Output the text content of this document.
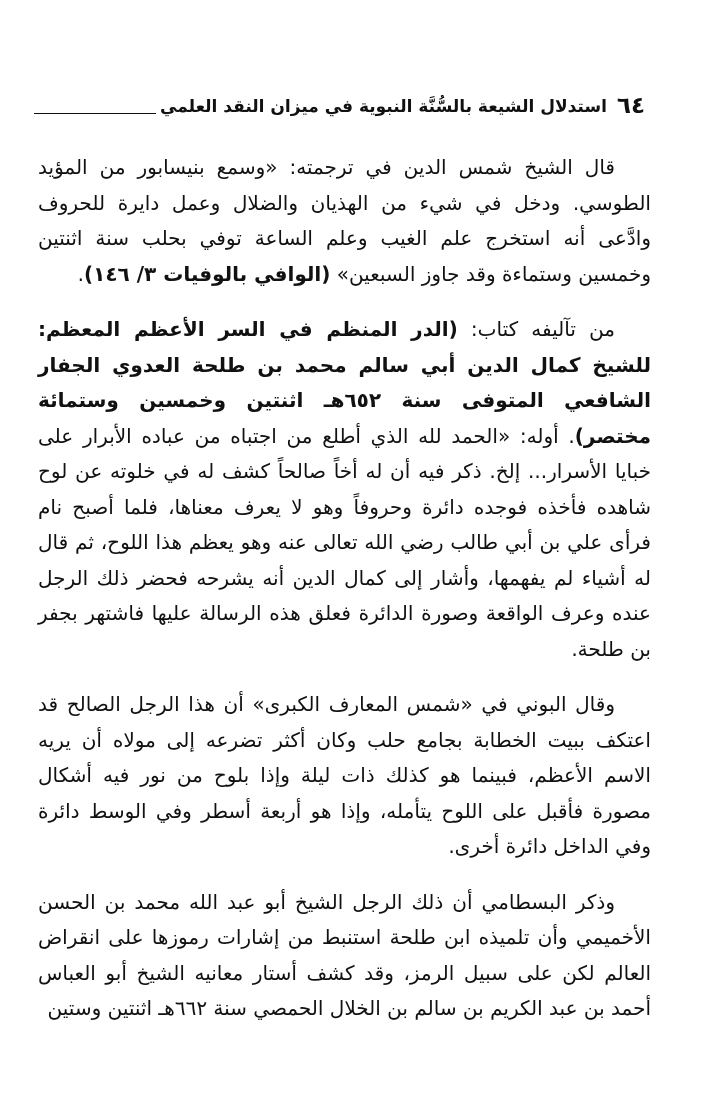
٦٤
استدلال الشيعة بالسُّنَّة النبوية في ميزان النقد العلمي

قال الشيخ شمس الدين في ترجمته: «وسمع بنيسابور من المؤيد الطوسي. ودخل في شيء من الهذيان والضلال وعمل دايرة للحروف وادَّعى أنه استخرج علم الغيب وعلم الساعة توفي بحلب سنة اثنتين وخمسين وستماءة وقد جاوز السبعين» (الوافي بالوفيات ٣/ ١٤٦).

من تآليفه كتاب: (الدر المنظم في السر الأعظم المعظم: للشيخ كمال الدين أبي سالم محمد بن طلحة العدوي الجفار الشافعي المتوفى سنة ٦٥٢هـ اثنتين وخمسين وستمائة مختصر). أوله: «الحمد لله الذي أطلع من اجتباه من عباده الأبرار على خبايا الأسرار... إلخ. ذكر فيه أن له أخاً صالحاً كشف له في خلوته عن لوح شاهده فأخذه فوجده دائرة وحروفاً وهو لا يعرف معناها، فلما أصبح نام فرأى علي بن أبي طالب رضي الله تعالى عنه وهو يعظم هذا اللوح، ثم قال له أشياء لم يفهمها، وأشار إلى كمال الدين أنه يشرحه فحضر ذلك الرجل عنده وعرف الواقعة وصورة الدائرة فعلق هذه الرسالة عليها فاشتهر بجفر بن طلحة.

وقال البوني في «شمس المعارف الكبرى» أن هذا الرجل الصالح قد اعتكف ببيت الخطابة بجامع حلب وكان أكثر تضرعه إلى مولاه أن يريه الاسم الأعظم، فبينما هو كذلك ذات ليلة وإذا بلوح من نور فيه أشكال مصورة فأقبل على اللوح يتأمله، وإذا هو أربعة أسطر وفي الوسط دائرة وفي الداخل دائرة أخرى.

وذكر البسطامي أن ذلك الرجل الشيخ أبو عبد الله محمد بن الحسن الأخميمي وأن تلميذه ابن طلحة استنبط من إشارات رموزها على انقراض العالم لكن على سبيل الرمز، وقد كشف أستار معانيه الشيخ أبو العباس أحمد بن عبد الكريم بن سالم بن الخلال الحمصي سنة ٦٦٢هـ اثنتين وستين
